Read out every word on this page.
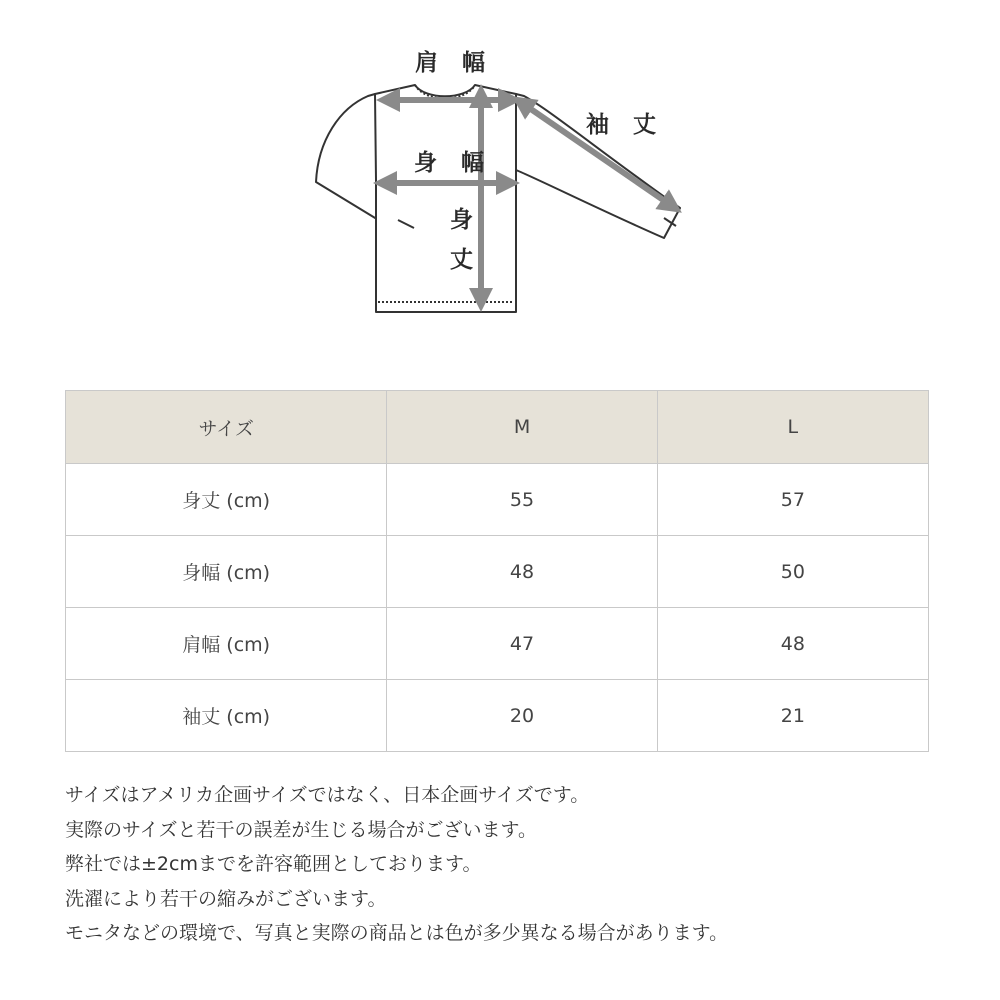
肩 幅
袖 丈
身 幅
身
丈
サイズ	M	L
身丈 (cm)	55	57
身幅 (cm)	48	50
肩幅 (cm)	47	48
袖丈 (cm)	20	21
サイズはアメリカ企画サイズではなく、日本企画サイズです。
実際のサイズと若干の誤差が生じる場合がございます。
弊社では±2cmまでを許容範囲としております。
洗濯により若干の縮みがございます。
モニタなどの環境で、写真と実際の商品とは色が多少異なる場合があります。
